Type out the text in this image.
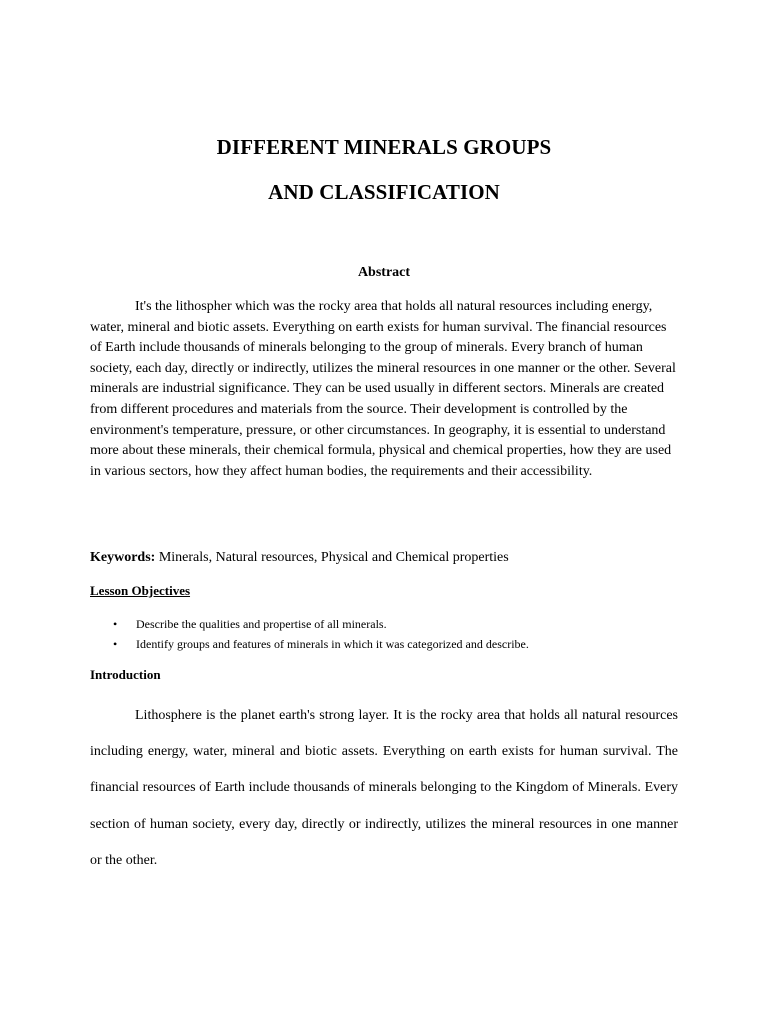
DIFFERENT MINERALS GROUPS
AND CLASSIFICATION
Abstract

It's the lithospher which was the rocky area that holds all natural resources including energy, water, mineral and biotic assets. Everything on earth exists for human survival. The financial resources of Earth include thousands of minerals belonging to the group of minerals. Every branch of human society, each day, directly or indirectly, utilizes the mineral resources in one manner or the other. Several minerals are industrial significance. They can be used usually in different sectors. Minerals are created from different procedures and materials from the source. Their development is controlled by the environment's temperature, pressure, or other circumstances. In geography, it is essential to understand more about these minerals, their chemical formula, physical and chemical properties, how they are used in various sectors, how they affect human bodies, the requirements and their accessibility.

Keywords: Minerals, Natural resources, Physical and Chemical properties

Lesson Objectives
• Describe the qualities and propertise of all minerals.
• Identify groups and features of minerals in which it was categorized and describe.
Introduction

Lithosphere is the planet earth's strong layer. It is the rocky area that holds all natural resources including energy, water, mineral and biotic assets. Everything on earth exists for human survival. The financial resources of Earth include thousands of minerals belonging to the Kingdom of Minerals. Every section of human society, every day, directly or indirectly, utilizes the mineral resources in one manner or the other.
